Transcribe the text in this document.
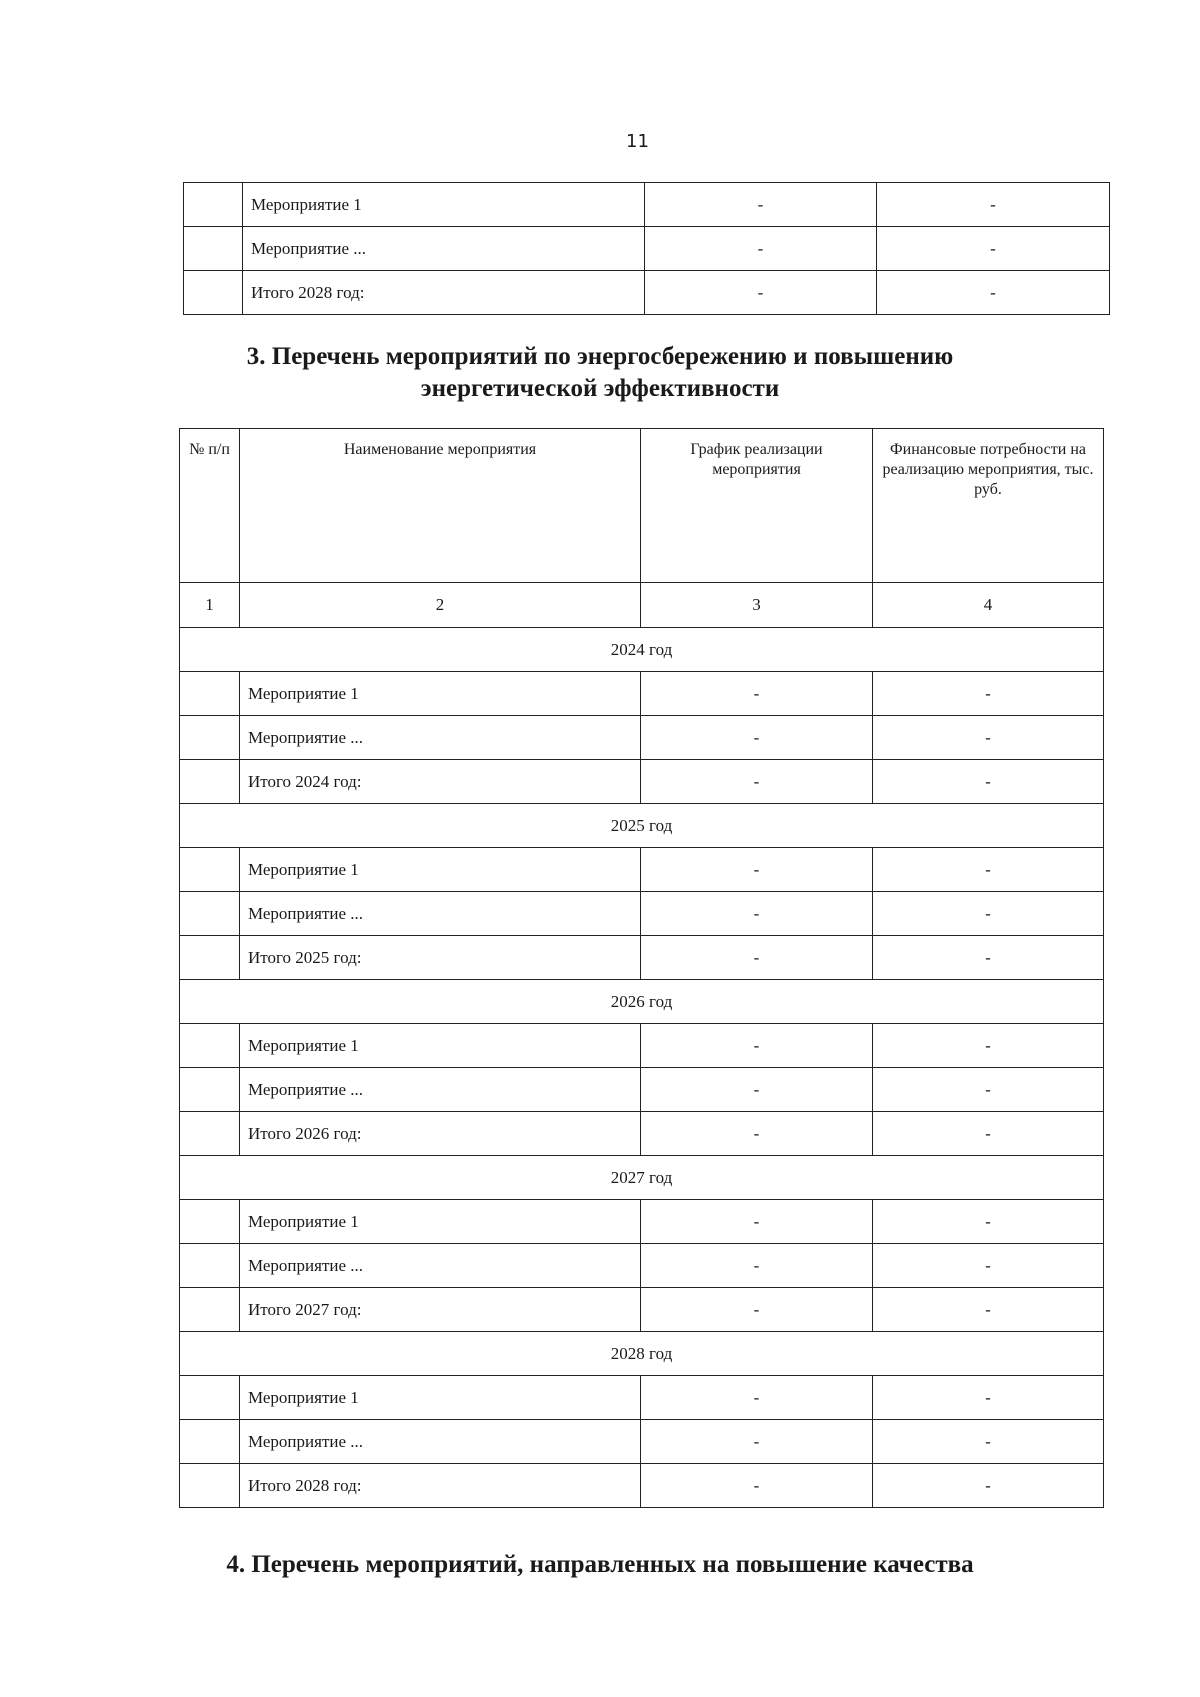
11
	Мероприятие 1	-	-
	Мероприятие ...	-	-
	Итого 2028 год:	-	-
3. Перечень мероприятий по энергосбережению и повышению
энергетической эффективности
№ п/п	Наименование мероприятия	График реализации мероприятия	Финансовые потребности на реализацию мероприятия, тыс. руб.
1	2	3	4
2024 год			
	Мероприятие 1	-	-
	Мероприятие ...	-	-
	Итого 2024 год:	-	-
2025 год			
	Мероприятие 1	-	-
	Мероприятие ...	-	-
	Итого 2025 год:	-	-
2026 год			
	Мероприятие 1	-	-
	Мероприятие ...	-	-
	Итого 2026 год:	-	-
2027 год			
	Мероприятие 1	-	-
	Мероприятие ...	-	-
	Итого 2027 год:	-	-
2028 год			
	Мероприятие 1	-	-
	Мероприятие ...	-	-
	Итого 2028 год:	-	-
4. Перечень мероприятий, направленных на повышение качества
